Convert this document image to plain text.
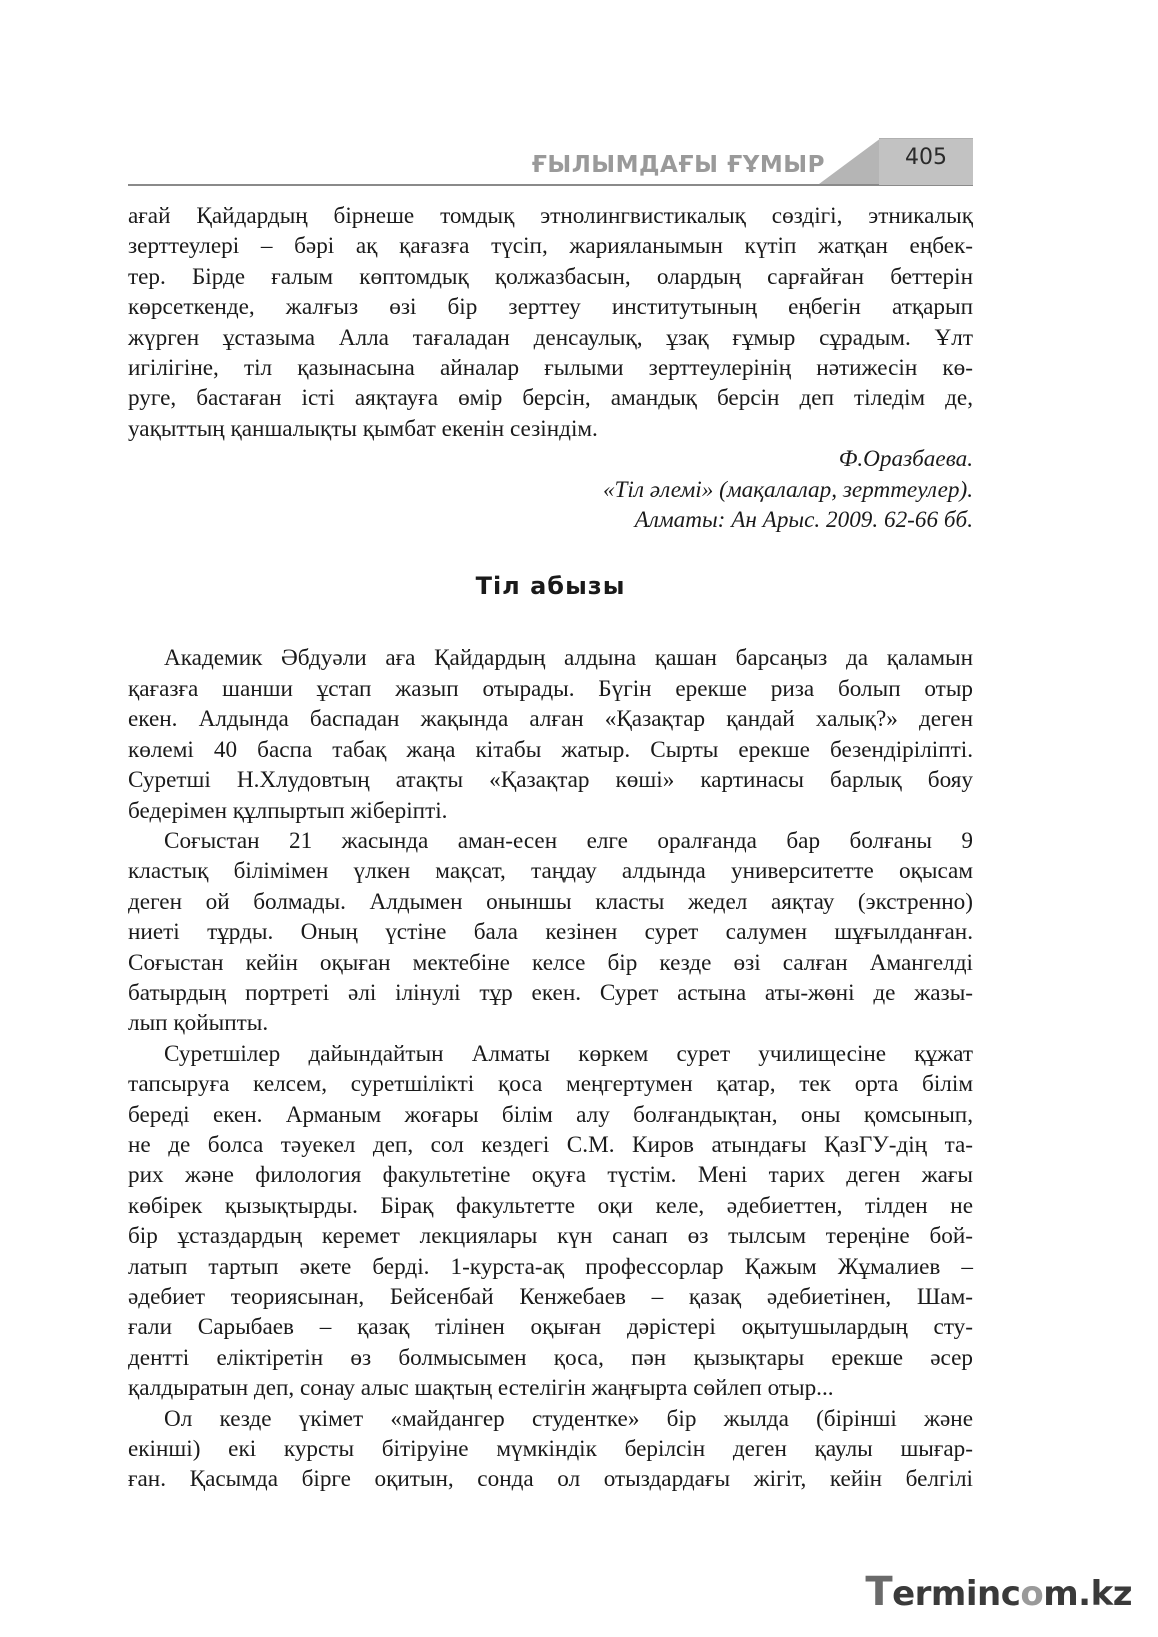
ҒЫЛЫМДАҒЫ ҒҰМЫР	405

ағай Қайдардың бірнеше томдық этнолингвистикалық сөздігі, этникалық

зерттеулері – бәрі ақ қағазға түсіп, жарияланымын күтіп жатқан еңбек-

тер. Бірде ғалым көптомдық қолжазбасын, олардың сарғайған беттерін

көрсеткенде, жалғыз өзі бір зерттеу институтының еңбегін атқарып

жүрген ұстазыма Алла тағаладан денсаулық, ұзақ ғұмыр сұрадым. Ұлт

игілігіне, тіл қазынасына айналар ғылыми зерттеулерінің нәтижесін кө-

руге, бастаған істі аяқтауға өмір берсін, амандық берсін деп тіледім де,

уақыттың қаншалықты қымбат екенін сезіндім.

Ф.Оразбаева.

«Тіл әлемі» (мақалалар, зерттеулер).

Алматы: Ан Арыс. 2009. 62-66 бб.

Тіл абызы

Академик Әбдуәли аға Қайдардың алдына қашан барсаңыз да қаламын

қағазға шанши ұстап жазып отырады. Бүгін ерекше риза болып отыр

екен. Алдында баспадан жақында алған «Қазақтар қандай халық?» деген

көлемі 40 баспа табақ жаңа кітабы жатыр. Сырты ерекше безендіріліпті.

Суретші Н.Хлудовтың атақты «Қазақтар көші» картинасы барлық бояу

бедерімен құлпыртып жіберіпті.

Соғыстан 21 жасында аман-есен елге оралғанда бар болғаны 9

кластық білімімен үлкен мақсат, таңдау алдында университетте оқысам

деген ой болмады. Алдымен оныншы класты жедел аяқтау (экстренно)

ниеті тұрды. Оның үстіне бала кезінен сурет салумен шұғылданған.

Соғыстан кейін оқыған мектебіне келсе бір кезде өзі салған Амангелді

батырдың портреті әлі ілінулі тұр екен. Сурет астына аты-жөні де жазы-

лып қойыпты.

Суретшілер дайындайтын Алматы көркем сурет училищесіне құжат

тапсыруға келсем, суретшілікті қоса меңгертумен қатар, тек орта білім

береді екен. Арманым жоғары білім алу болғандықтан, оны қомсынып,

не де болса тәуекел деп, сол кездегі С.М. Киров атындағы ҚазГУ-дің та-

рих және филология факультетіне оқуға түстім. Мені тарих деген жағы

көбірек қызықтырды. Бірақ факультетте оқи келе, әдебиеттен, тілден не

бір ұстаздардың керемет лекциялары күн санап өз тылсым тереңіне бой-

латып тартып әкете берді. 1-курста-ақ профессорлар Қажым Жұмалиев –

әдебиет теориясынан, Бейсенбай Кенжебаев – қазақ әдебиетінен, Шам-

ғали Сарыбаев – қазақ тілінен оқыған дәрістері оқытушылардың сту-

дентті еліктіретін өз болмысымен қоса, пән қызықтары ерекше әсер

қалдыратын деп, сонау алыс шақтың естелігін жаңғырта сөйлеп отыр...

Ол кезде үкімет «майдангер студентке» бір жылда (бірінші және

екінші) екі курсты бітіруіне мүмкіндік берілсін деген қаулы шығар-

ған. Қасымда бірге оқитын, сонда ол отыздардағы жігіт, кейін белгілі

Termincom.kz
